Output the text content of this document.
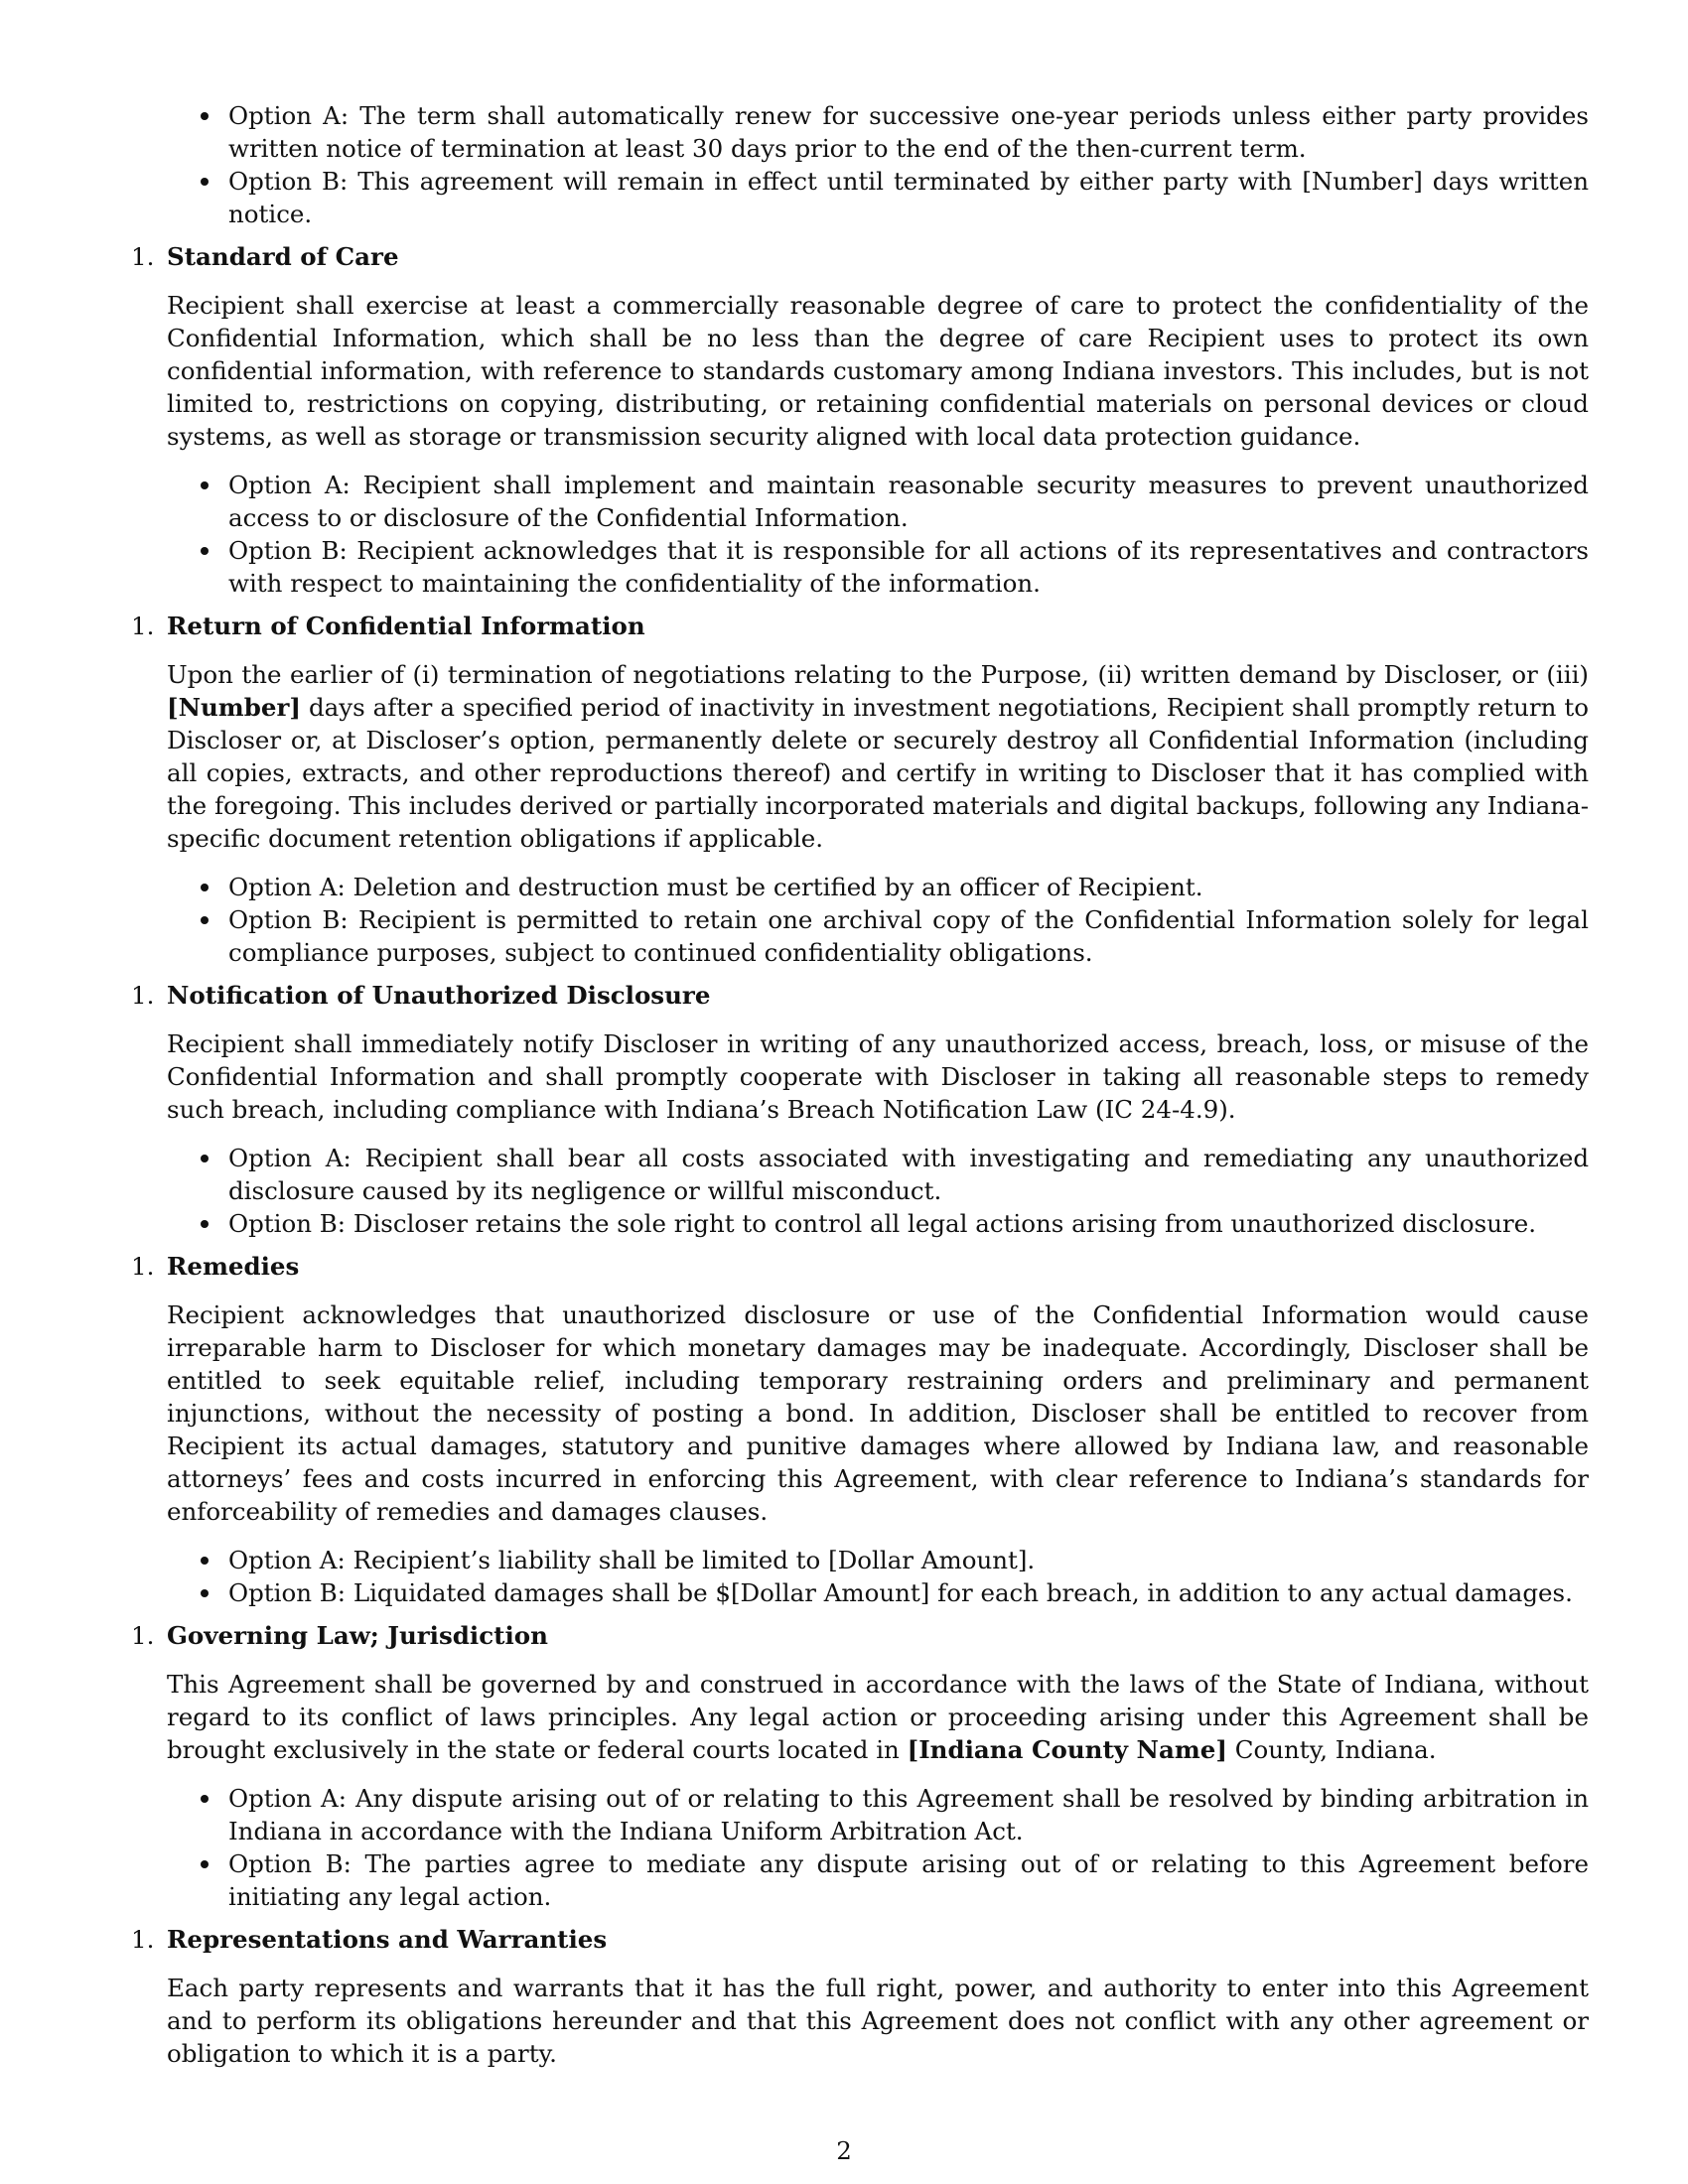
Option A: The term shall automatically renew for successive one-year periods unless either party provides written notice of termination at least 30 days prior to the end of the then-current term.
Option B: This agreement will remain in effect until terminated by either party with [Number] days written notice.
1. Standard of Care

Recipient shall exercise at least a commercially reasonable degree of care to protect the confidentiality of the Confidential Information, which shall be no less than the degree of care Recipient uses to protect its own confidential information, with reference to standards customary among Indiana investors. This includes, but is not limited to, restrictions on copying, distributing, or retaining confidential materials on personal devices or cloud systems, as well as storage or transmission security aligned with local data protection guidance.

Option A: Recipient shall implement and maintain reasonable security measures to prevent unauthorized access to or disclosure of the Confidential Information.
Option B: Recipient acknowledges that it is responsible for all actions of its representatives and contractors with respect to maintaining the confidentiality of the information.
1. Return of Confidential Information

Upon the earlier of (i) termination of negotiations relating to the Purpose, (ii) written demand by Discloser, or (iii) [Number] days after a specified period of inactivity in investment negotiations, Recipient shall promptly return to Discloser or, at Discloser’s option, permanently delete or securely destroy all Confidential Information (including all copies, extracts, and other reproductions thereof) and certify in writing to Discloser that it has complied with the foregoing. This includes derived or partially incorporated materials and digital backups, following any Indiana-specific document retention obligations if applicable.

Option A: Deletion and destruction must be certified by an officer of Recipient.
Option B: Recipient is permitted to retain one archival copy of the Confidential Information solely for legal compliance purposes, subject to continued confidentiality obligations.
1. Notification of Unauthorized Disclosure

Recipient shall immediately notify Discloser in writing of any unauthorized access, breach, loss, or misuse of the Confidential Information and shall promptly cooperate with Discloser in taking all reasonable steps to remedy such breach, including compliance with Indiana’s Breach Notification Law (IC 24-4.9).

Option A: Recipient shall bear all costs associated with investigating and remediating any unauthorized disclosure caused by its negligence or willful misconduct.
Option B: Discloser retains the sole right to control all legal actions arising from unauthorized disclosure.
1. Remedies

Recipient acknowledges that unauthorized disclosure or use of the Confidential Information would cause irreparable harm to Discloser for which monetary damages may be inadequate. Accordingly, Discloser shall be entitled to seek equitable relief, including temporary restraining orders and preliminary and permanent injunctions, without the necessity of posting a bond. In addition, Discloser shall be entitled to recover from Recipient its actual damages, statutory and punitive damages where allowed by Indiana law, and reasonable attorneys’ fees and costs incurred in enforcing this Agreement, with clear reference to Indiana’s standards for enforceability of remedies and damages clauses.

Option A: Recipient’s liability shall be limited to [Dollar Amount].
Option B: Liquidated damages shall be $[Dollar Amount] for each breach, in addition to any actual damages.
1. Governing Law; Jurisdiction

This Agreement shall be governed by and construed in accordance with the laws of the State of Indiana, without regard to its conflict of laws principles. Any legal action or proceeding arising under this Agreement shall be brought exclusively in the state or federal courts located in [Indiana County Name] County, Indiana.

Option A: Any dispute arising out of or relating to this Agreement shall be resolved by binding arbitration in Indiana in accordance with the Indiana Uniform Arbitration Act.
Option B: The parties agree to mediate any dispute arising out of or relating to this Agreement before initiating any legal action.
1. Representations and Warranties

Each party represents and warrants that it has the full right, power, and authority to enter into this Agreement and to perform its obligations hereunder and that this Agreement does not conflict with any other agreement or obligation to which it is a party.

2
